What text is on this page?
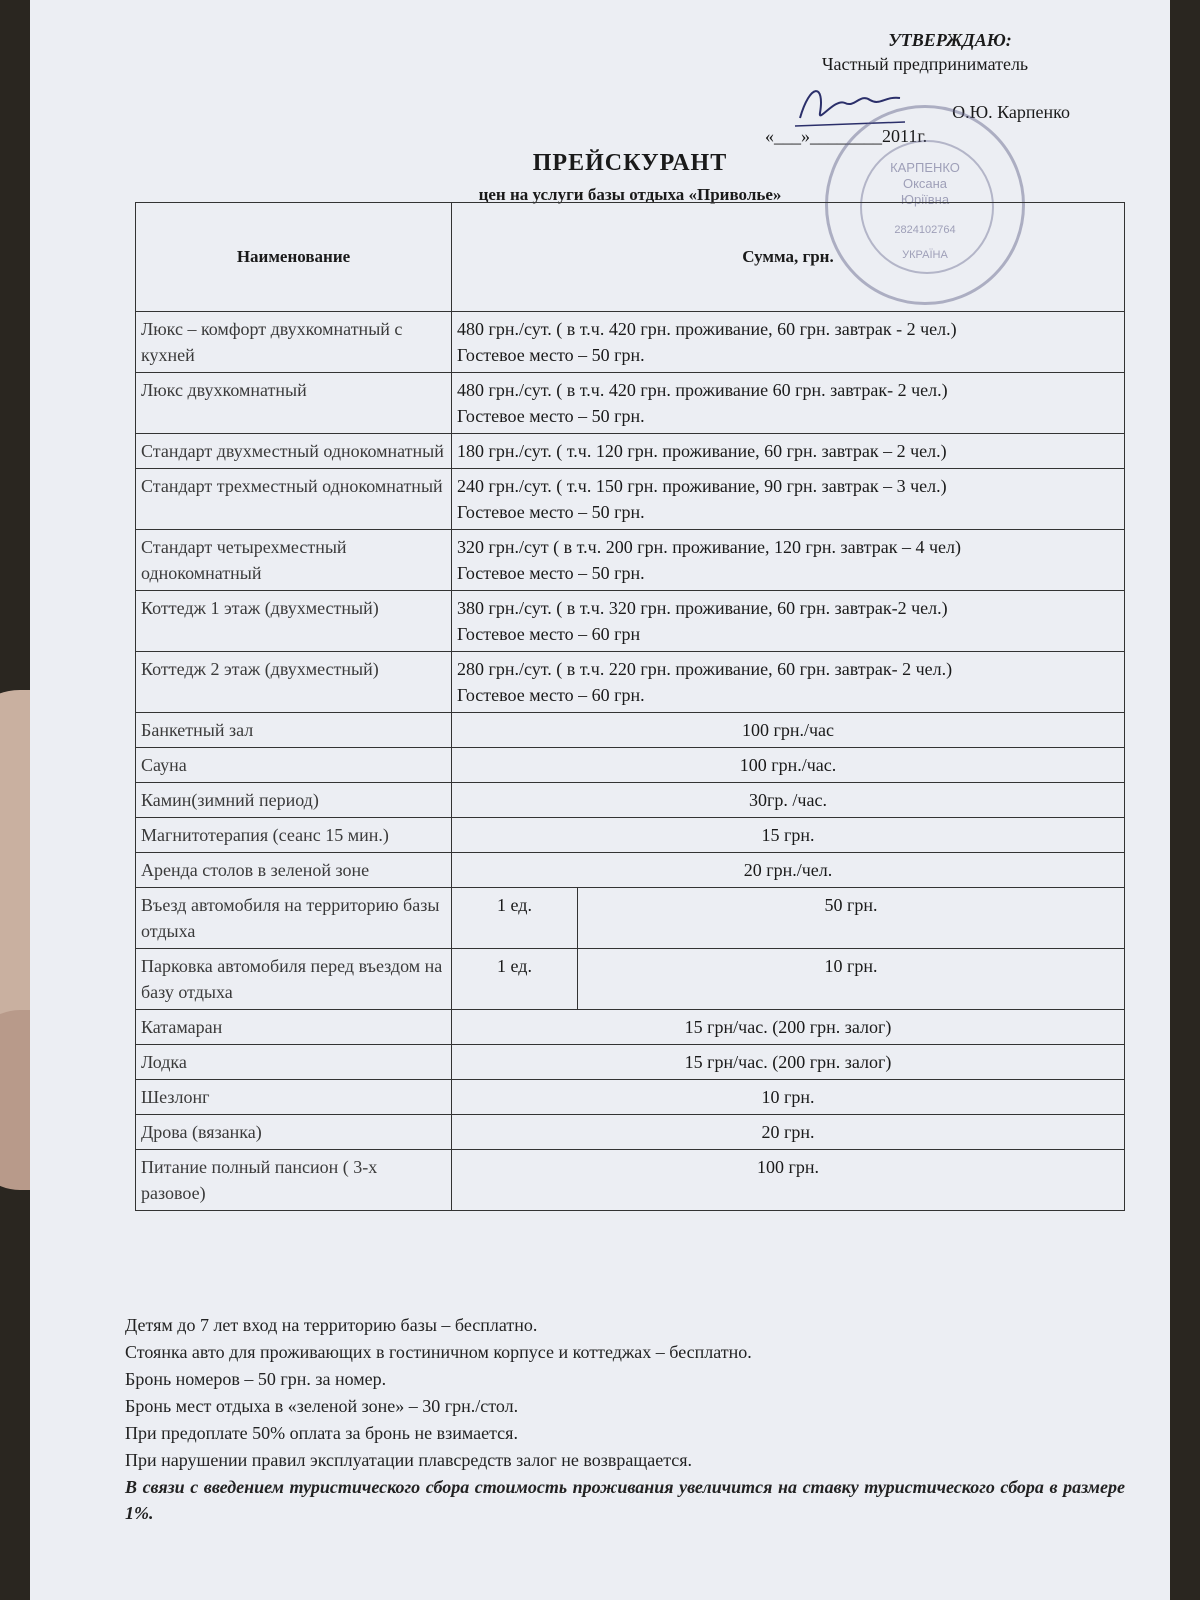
УТВЕРЖДАЮ:
Частный предприниматель
О.Ю. Карпенко
«___»________2011г.
КАРПЕНКО
Оксана
Юріївна
2824102764
УКРАЇНА
ПРЕЙСКУРАНТ
цен на услуги базы отдыха «Приволье»
Наименование	Сумма, грн.	
Люкс – комфорт двухкомнатный с кухней	480 грн./сут. ( в т.ч. 420 грн. проживание, 60 грн. завтрак - 2 чел.)
Гостевое место – 50 грн.	

Люкс двухкомнатный	480 грн./сут. ( в т.ч. 420 грн. проживание 60 грн. завтрак- 2 чел.)
Гостевое место – 50 грн.	

Стандарт двухместный однокомнатный	180 грн./сут. ( т.ч. 120 грн. проживание, 60 грн. завтрак – 2 чел.)	

Стандарт трехместный однокомнатный	240 грн./сут. ( т.ч. 150 грн. проживание, 90 грн. завтрак – 3 чел.)
Гостевое место – 50 грн.	

Стандарт четырехместный однокомнатный	320 грн./сут ( в т.ч. 200 грн. проживание, 120 грн. завтрак – 4 чел)
Гостевое место – 50 грн.	

Коттедж 1 этаж (двухместный)	380 грн./сут. ( в т.ч. 320 грн. проживание, 60 грн. завтрак-2 чел.)
Гостевое место – 60 грн	

Коттедж 2 этаж (двухместный)	280 грн./сут. ( в т.ч. 220 грн. проживание, 60 грн. завтрак- 2 чел.)
Гостевое место – 60 грн.	

Банкетный зал	100 грн./час	
Сауна	100 грн./час.	
Камин(зимний период)	30гр. /час.	
Магнитотерапия (сеанс 15 мин.)	15 грн.	
Аренда столов в зеленой зоне	20 грн./чел.	
Въезд автомобиля на территорию базы отдыха	1 ед.	50 грн.
Парковка автомобиля перед въездом на базу отдыха	1 ед.	10 грн.
Катамаран	15 грн/час. (200 грн. залог)	
Лодка	15 грн/час. (200 грн. залог)	
Шезлонг	10 грн.	
Дрова (вязанка)	20 грн.	
Питание полный пансион ( 3-х разовое)	100 грн.	
Детям до 7 лет вход на территорию базы – бесплатно.
Стоянка авто для проживающих в гостиничном корпусе и коттеджах – бесплатно.
Бронь номеров – 50 грн. за номер.
Бронь мест отдыха в «зеленой зоне» – 30 грн./стол.
При предоплате 50% оплата за бронь не взимается.
При нарушении правил эксплуатации плавсредств залог не возвращается.
В связи с введением туристического сбора стоимость проживания увеличится на ставку туристического сбора в размере 1%.
